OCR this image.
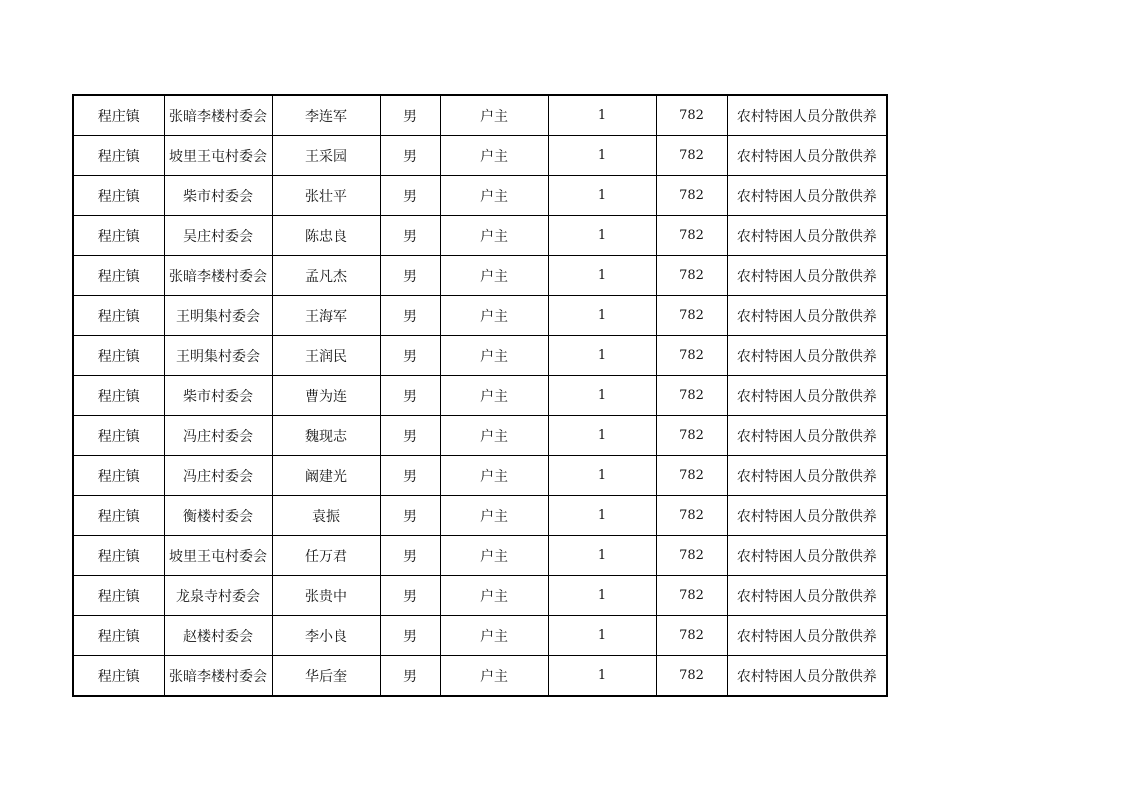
程庄镇	张暗李楼村委会	李连军	男	户主	1	782	农村特困人员分散供养
程庄镇	坡里王屯村委会	王采园	男	户主	1	782	农村特困人员分散供养
程庄镇	柴市村委会	张壮平	男	户主	1	782	农村特困人员分散供养
程庄镇	吴庄村委会	陈忠良	男	户主	1	782	农村特困人员分散供养
程庄镇	张暗李楼村委会	孟凡杰	男	户主	1	782	农村特困人员分散供养
程庄镇	王明集村委会	王海军	男	户主	1	782	农村特困人员分散供养
程庄镇	王明集村委会	王润民	男	户主	1	782	农村特困人员分散供养
程庄镇	柴市村委会	曹为连	男	户主	1	782	农村特困人员分散供养
程庄镇	冯庄村委会	魏现志	男	户主	1	782	农村特困人员分散供养
程庄镇	冯庄村委会	阚建光	男	户主	1	782	农村特困人员分散供养
程庄镇	衡楼村委会	袁振	男	户主	1	782	农村特困人员分散供养
程庄镇	坡里王屯村委会	任万君	男	户主	1	782	农村特困人员分散供养
程庄镇	龙泉寺村委会	张贵中	男	户主	1	782	农村特困人员分散供养
程庄镇	赵楼村委会	李小良	男	户主	1	782	农村特困人员分散供养
程庄镇	张暗李楼村委会	华后奎	男	户主	1	782	农村特困人员分散供养
